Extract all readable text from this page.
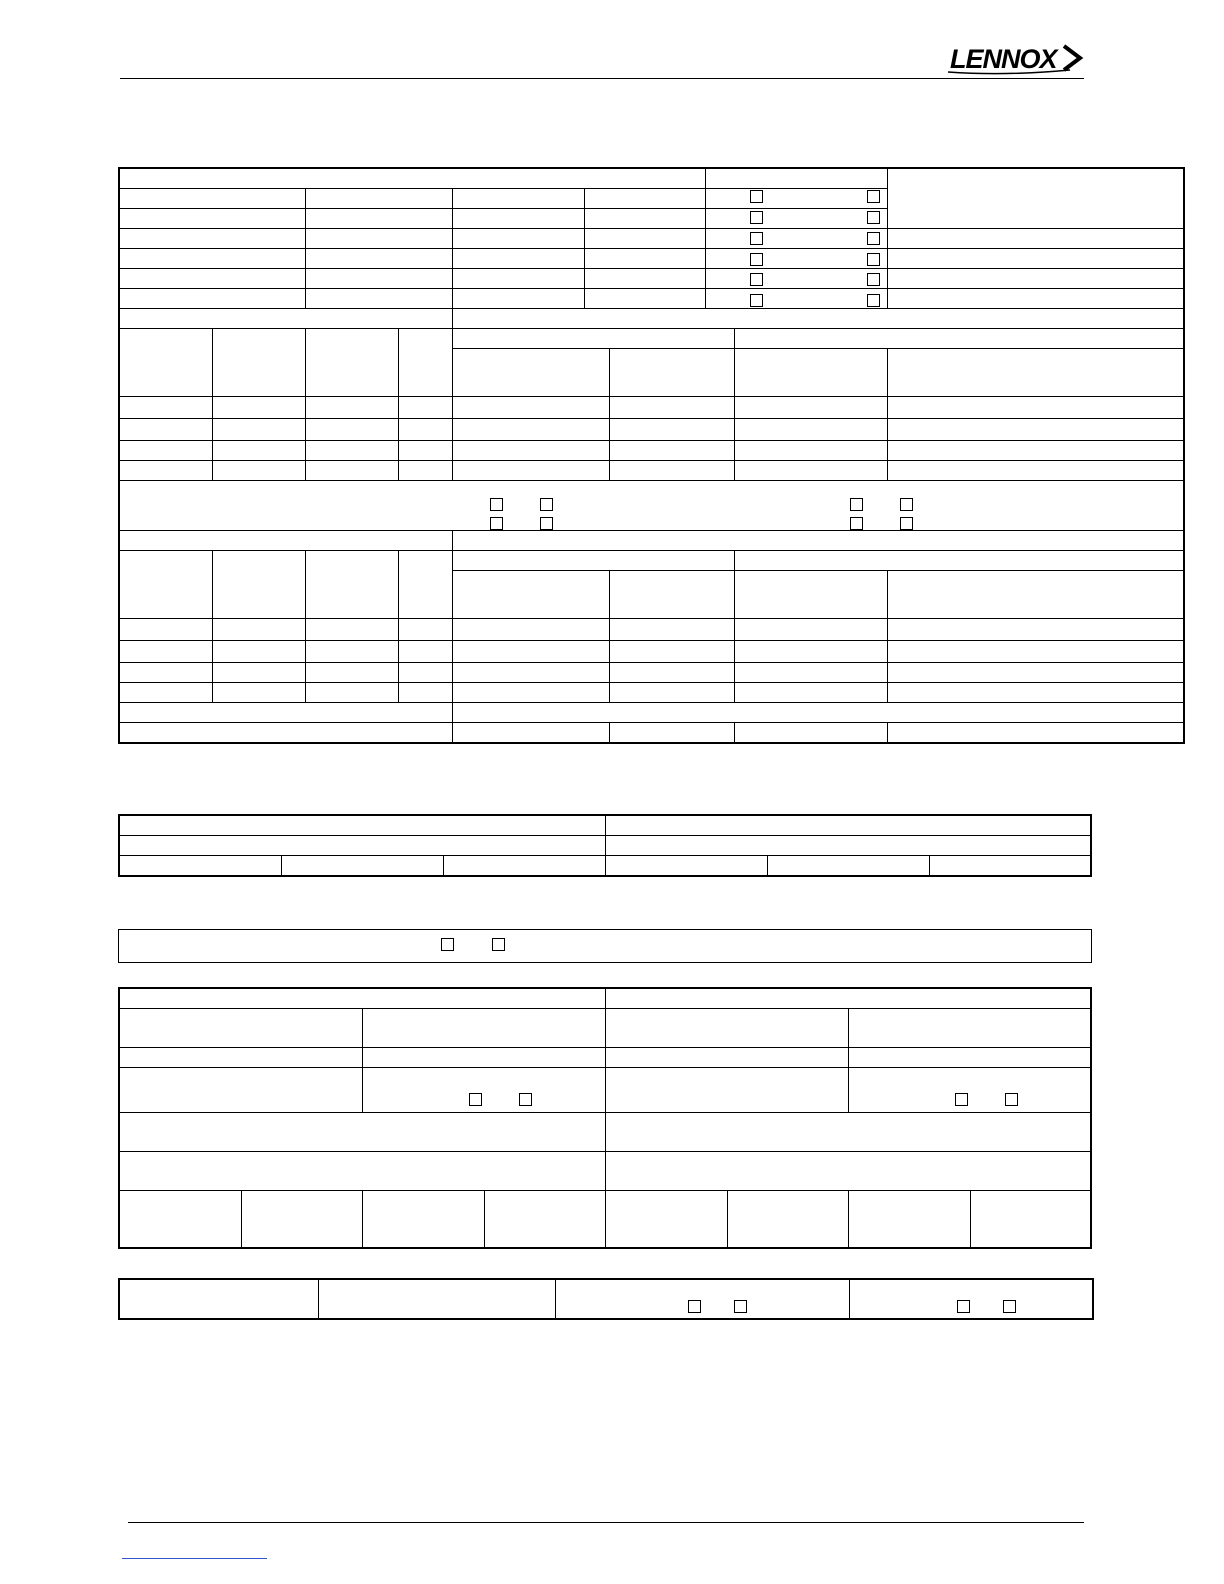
LENNOX
